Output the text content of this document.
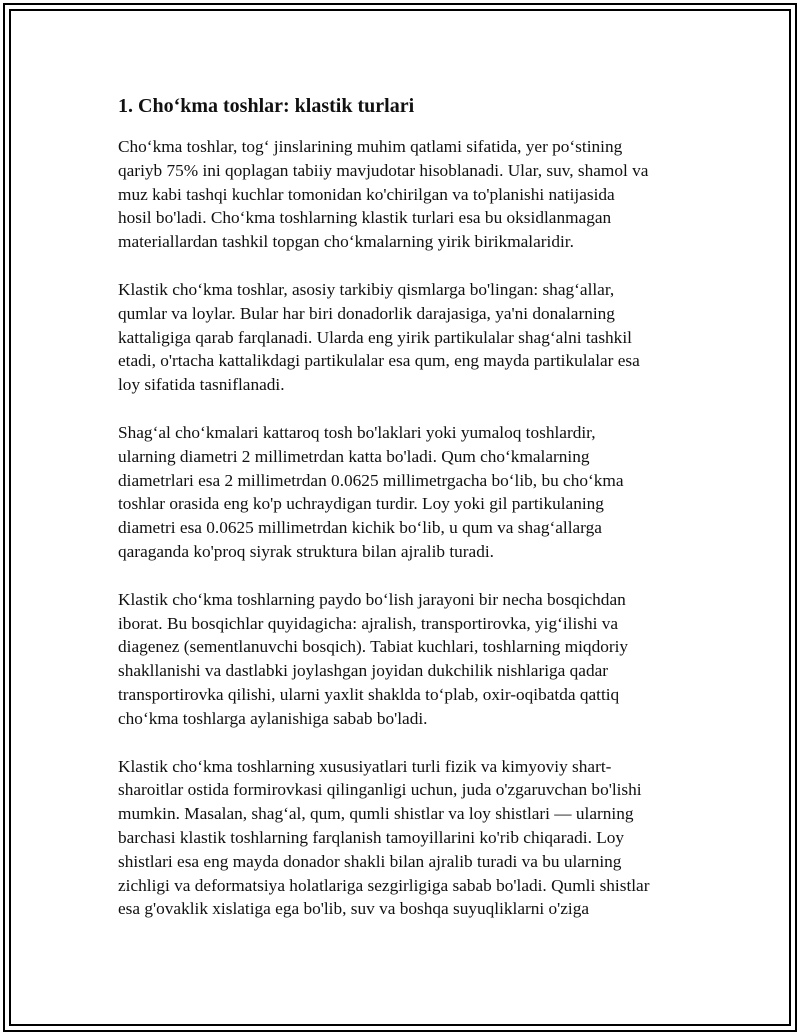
1. Cho‘kma toshlar: klastik turlari

Cho‘kma toshlar, tog‘ jinslarining muhim qatlami sifatida, yer po‘stining
qariyb 75% ini qoplagan tabiiy mavjudotar hisoblanadi. Ular, suv, shamol va
muz kabi tashqi kuchlar tomonidan ko'chirilgan va to'planishi natijasida
hosil bo'ladi. Cho‘kma toshlarning klastik turlari esa bu oksidlanmagan
materiallardan tashkil topgan cho‘kmalarning yirik birikmalaridir.

Klastik cho‘kma toshlar, asosiy tarkibiy qismlarga bo'lingan: shag‘allar,
qumlar va loylar. Bular har biri donadorlik darajasiga, ya'ni donalarning
kattaligiga qarab farqlanadi. Ularda eng yirik partikulalar shag‘alni tashkil
etadi, o'rtacha kattalikdagi partikulalar esa qum, eng mayda partikulalar esa
loy sifatida tasniflanadi.

Shag‘al cho‘kmalari kattaroq tosh bo'laklari yoki yumaloq toshlardir,
ularning diametri 2 millimetrdan katta bo'ladi. Qum cho‘kmalarning
diametrlari esa 2 millimetrdan 0.0625 millimetrgacha bo‘lib, bu cho‘kma
toshlar orasida eng ko'p uchraydigan turdir. Loy yoki gil partikulaning
diametri esa 0.0625 millimetrdan kichik bo‘lib, u qum va shag‘allarga
qaraganda ko'proq siyrak struktura bilan ajralib turadi.

Klastik cho‘kma toshlarning paydo bo‘lish jarayoni bir necha bosqichdan
iborat. Bu bosqichlar quyidagicha: ajralish, transportirovka, yig‘ilishi va
diagenez (sementlanuvchi bosqich). Tabiat kuchlari, toshlarning miqdoriy
shakllanishi va dastlabki joylashgan joyidan dukchilik nishlariga qadar
transportirovka qilishi, ularni yaxlit shaklda to‘plab, oxir-oqibatda qattiq
cho‘kma toshlarga aylanishiga sabab bo'ladi.

Klastik cho‘kma toshlarning xususiyatlari turli fizik va kimyoviy shart-
sharoitlar ostida formirovkasi qilinganligi uchun, juda o'zgaruvchan bo'lishi
mumkin. Masalan, shag‘al, qum, qumli shistlar va loy shistlari — ularning
barchasi klastik toshlarning farqlanish tamoyillarini ko'rib chiqaradi. Loy
shistlari esa eng mayda donador shakli bilan ajralib turadi va bu ularning
zichligi va deformatsiya holatlariga sezgirligiga sabab bo'ladi. Qumli shistlar
esa g'ovaklik xislatiga ega bo'lib, suv va boshqa suyuqliklarni o'ziga
